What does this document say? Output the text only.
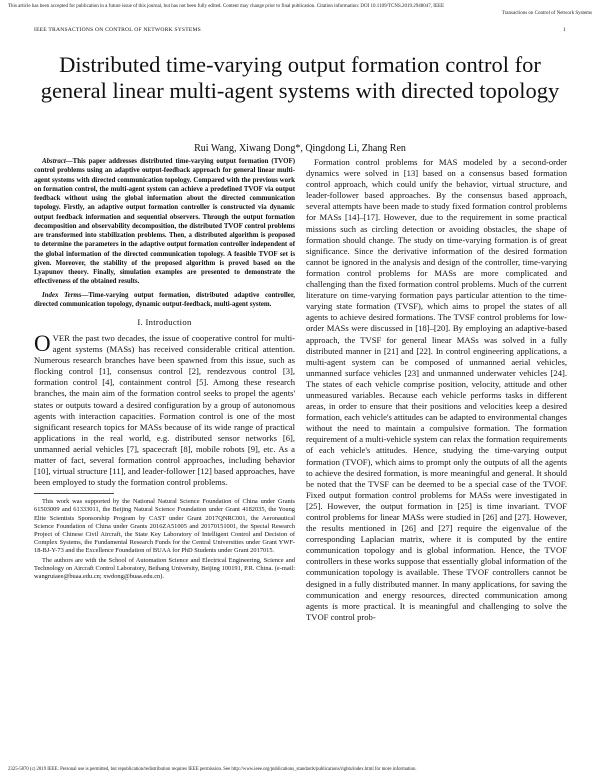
This article has been accepted for publication in a future issue of this journal, but has not been fully edited. Content may change prior to final publication. Citation information: DOI 10.1109/TCNS.2019.2948047, IEEE
Transactions on Control of Network Systems
IEEE TRANSACTIONS ON CONTROL OF NETWORK SYSTEMS	1
Distributed time-varying output formation control for general linear multi-agent systems with directed topology
Rui Wang, Xiwang Dong*, Qingdong Li, Zhang Ren

Abstract—This paper addresses distributed time-varying output formation (TVOF) control problems using an adaptive output-feedback approach for general linear multi-agent systems with directed communication topology. Compared with the previous work on formation control, the multi-agent system can achieve a predefined TVOF via output feedback without using the global information about the directed communication topology. Firstly, an adaptive output formation controller is constructed via dynamic output feedback information and sequential observers. Through the output formation decomposition and observability decomposition, the distributed TVOF control problems are transformed into stabilization problems. Then, a distributed algorithm is proposed to determine the parameters in the adaptive output formation controller independent of the global information of the directed communication topology. A feasible TVOF set is given. Moreover, the stability of the proposed algorithm is proved based on the Lyapunov theory. Finally, simulation examples are presented to demonstrate the effectiveness of the obtained results.

Index Terms—Time-varying output formation, distributed adaptive controller, directed communication topology, dynamic output-feedback, multi-agent system.

I. Introduction

OVER the past two decades, the issue of cooperative control for multi-agent systems (MASs) has received considerable critical attention. Numerous research branches have been spawned from this issue, such as flocking control [1], consensus control [2], rendezvous control [3], formation control [4], containment control [5]. Among these research branches, the main aim of the formation control seeks to propel the agents' states or outputs toward a desired configuration by a group of autonomous agents with interaction capacities. Formation control is one of the most significant research topics for MASs because of its wide range of practical applications in the real world, e.g. distributed sensor networks [6], unmanned aerial vehicles [7], spacecraft [8], mobile robots [9], etc. As a matter of fact, several formation control approaches, including behavior [10], virtual structure [11], and leader-follower [12] based approaches, have been employed to study the formation control problems.

This work was supported by the National Natural Science Foundation of China under Grants 61503009 and 61333011, the Beijing Natural Science Foundation under Grant 4182035, the Young Elite Scientists Sponsorship Program by CAST under Grant 2017QNRC001, the Aeronautical Science Foundation of China under Grants 2016ZA51005 and 20170151001, the Special Research Project of Chinese Civil Aircraft, the State Key Laboratory of Intelligent Control and Decision of Complex Systems, the Fundamental Research Funds for the Central Universities under Grant YWF-18-BJ-Y-73 and the Excellence Foundation of BUAA for PhD Students under Grant 2017015.

The authors are with the School of Automation Science and Electrical Engineering, Science and Technology on Aircraft Control Laboratory, Beihang University, Beijing 100191, P.R. China. (e-mail: wangruiaee@buaa.edu.cn; xwdong@buaa.edu.cn).

Formation control problems for MAS modeled by a second-order dynamics were solved in [13] based on a consensus based formation control approach, which could unify the behavior, virtual structure, and leader-follower based approaches. By the consensus based approach, several attempts have been made to study fixed formation control problems for MASs [14]–[17]. However, due to the requirement in some practical missions such as circling detection or avoiding obstacles, the shape of formation should change. The study on time-varying formation is of great significance. Since the derivative information of the desired formation cannot be ignored in the analysis and design of the controller, time-varying formation control problems for MASs are more complicated and challenging than the fixed formation control problems. Much of the current literature on time-varying formation pays particular attention to the time-varying state formation (TVSF), which aims to propel the states of all agents to achieve desired formations. The TVSF control problems for low-order MASs were discussed in [18]–[20]. By employing an adaptive-based approach, the TVSF for general linear MASs was solved in a fully distributed manner in [21] and [22]. In control engineering applications, a multi-agent system can be composed of unmanned aerial vehicles, unmanned surface vehicles [23] and unmanned underwater vehicles [24]. The states of each vehicle comprise position, velocity, attitude and other unmeasured variables. Because each vehicle performs tasks in different areas, in order to ensure that their positions and velocities keep a desired formation, each vehicle's attitudes can be adapted to environmental changes without the need to maintain a compulsive formation. The formation requirement of a multi-vehicle system can relax the formation requirements of each vehicle's attitudes. Hence, studying the time-varying output formation (TVOF), which aims to prompt only the outputs of all the agents to achieve the desired formation, is more meaningful and general. It should be noted that the TVSF can be deemed to be a special case of the TVOF. Fixed output formation control problems for MASs were investigated in [25]. However, the output formation in [25] is time invariant. TVOF control problems for linear MASs were studied in [26] and [27]. However, the results mentioned in [26] and [27] require the eigenvalue of the corresponding Laplacian matrix, where it is computed by the entire communication topology and is global information. Hence, the TVOF controllers in these works suppose that essentially global information of the communication topology is available. These TVOF controllers cannot be designed in a fully distributed manner. In many applications, for saving the communication and energy resources, directed communication among agents is more practical. It is meaningful and challenging to solve the TVOF control prob-

2325-5870 (c) 2019 IEEE. Personal use is permitted, but republication/redistribution requires IEEE permission. See http://www.ieee.org/publications_standards/publications/rights/index.html for more information.
